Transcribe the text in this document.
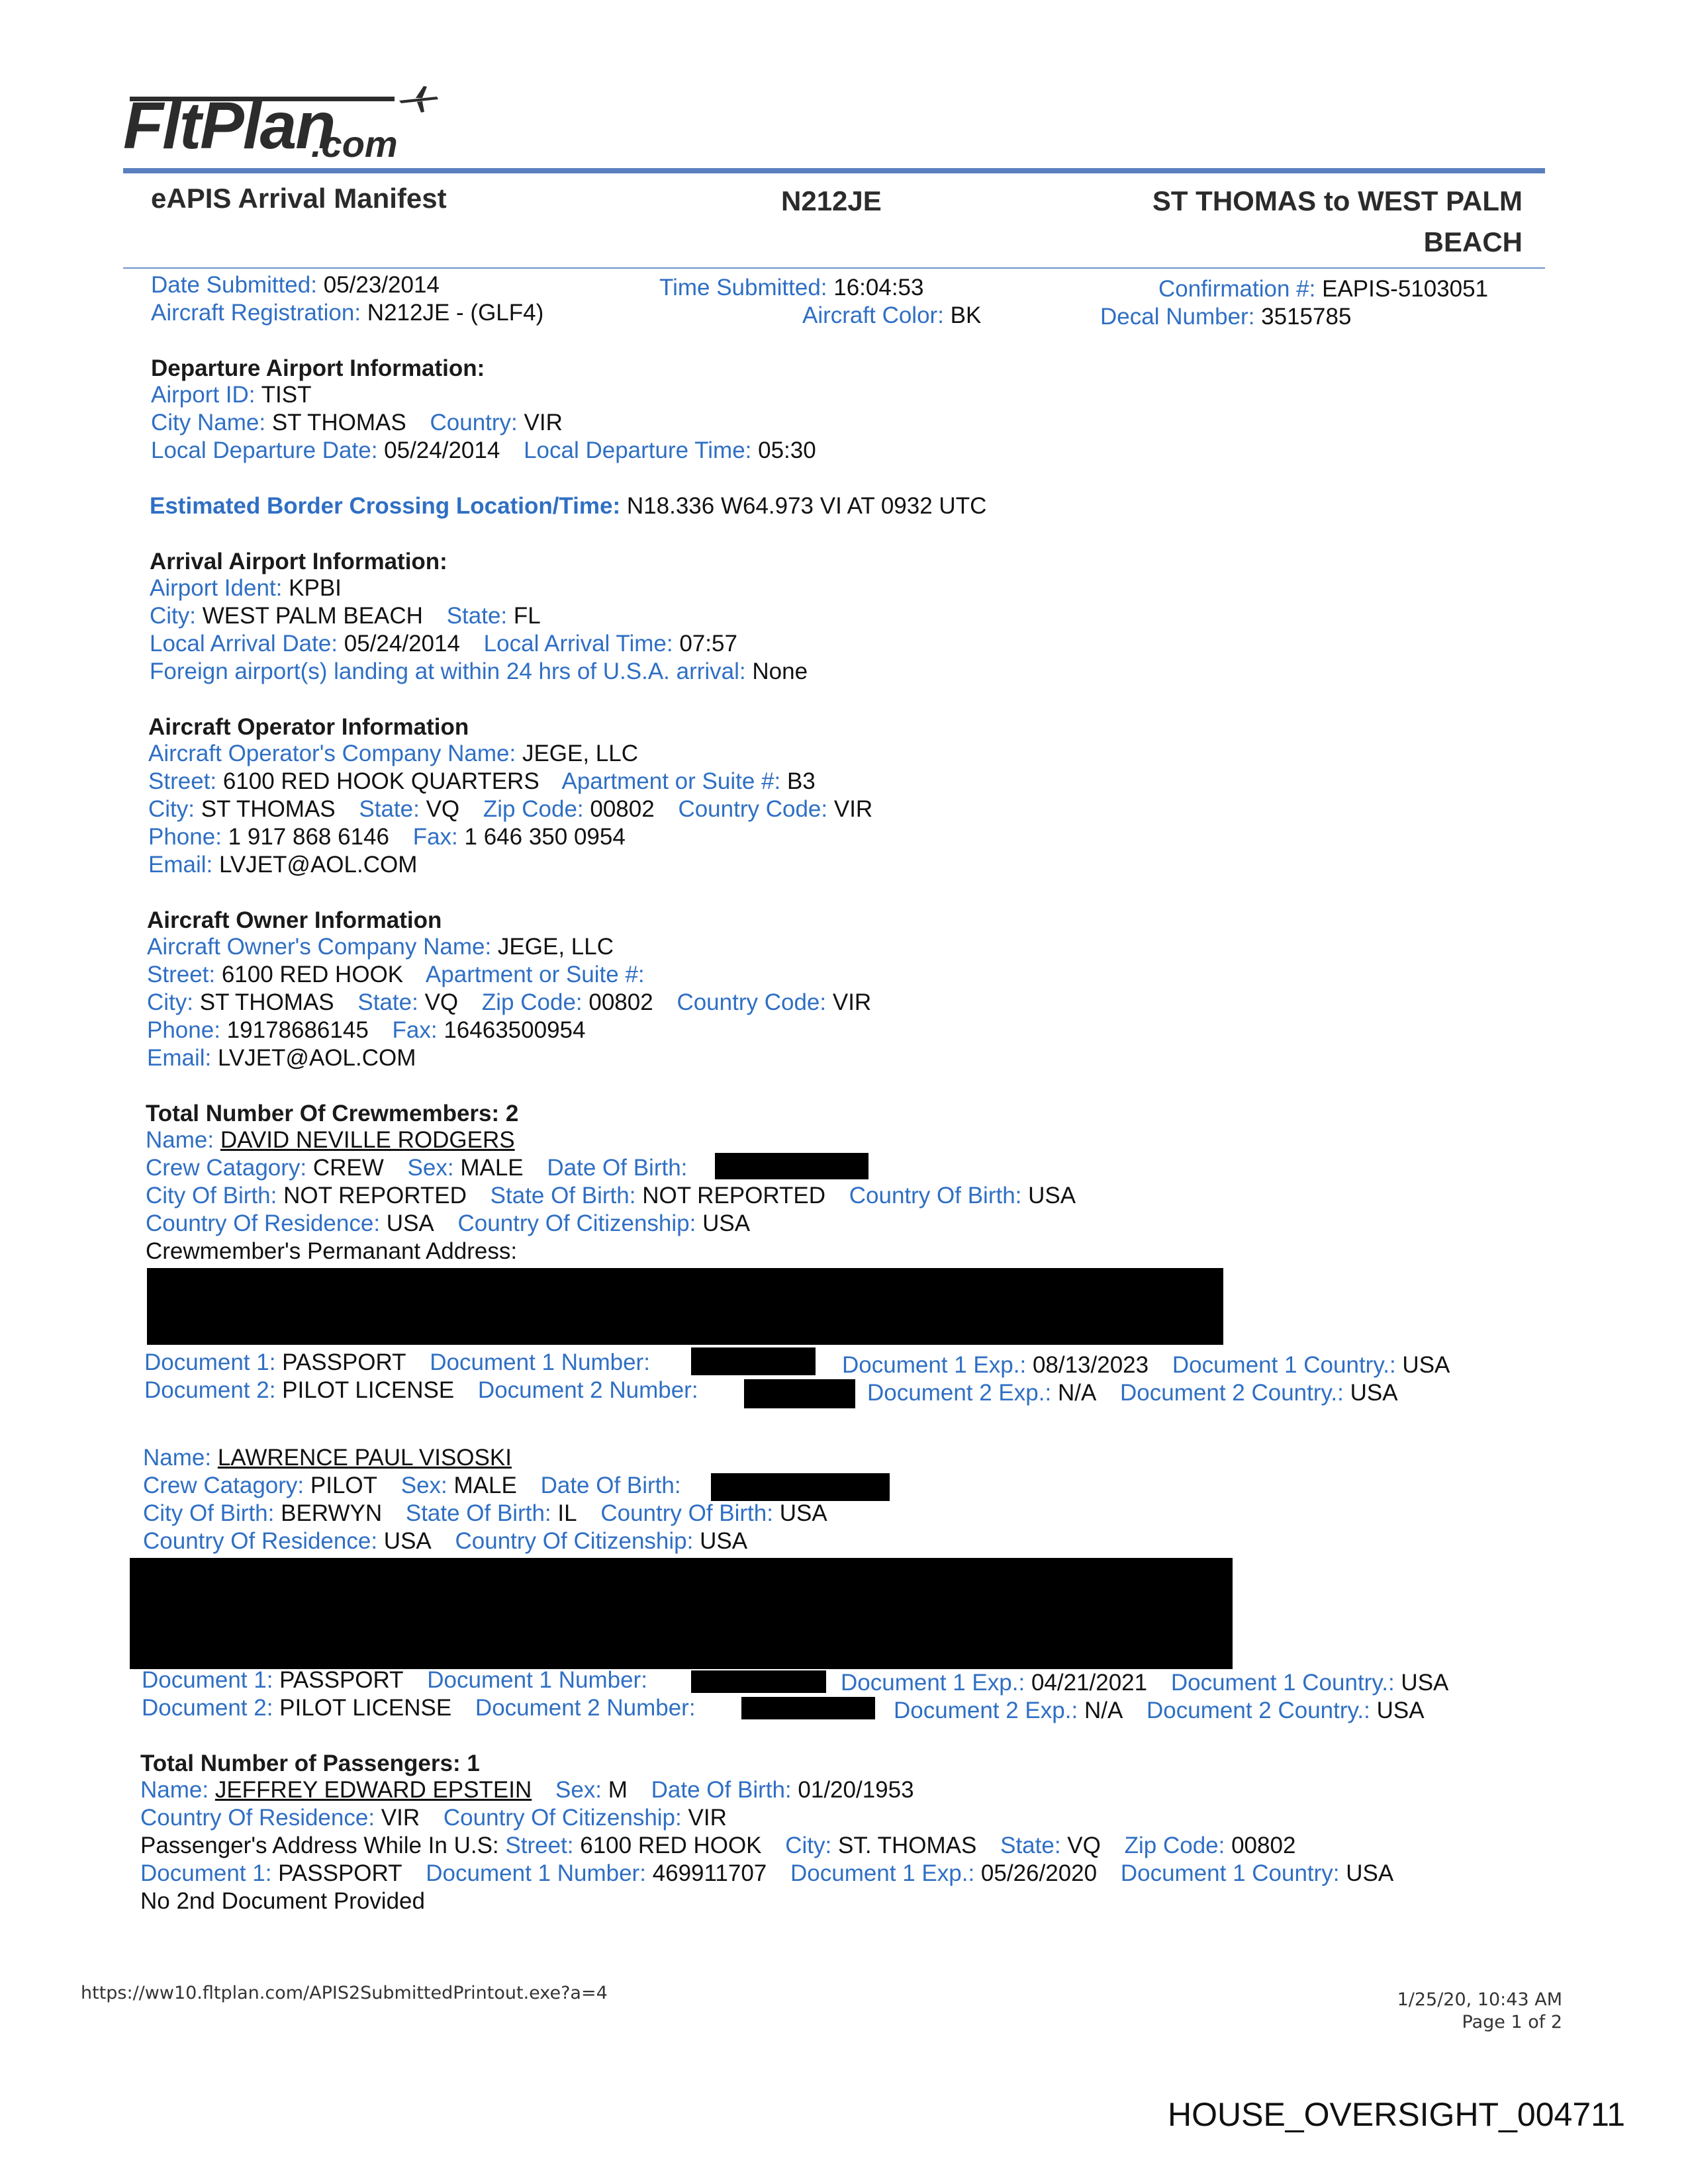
FltPlan
.com
eAPIS Arrival Manifest	N212JE	ST THOMAS to WEST PALM
BEACH
Date Submitted: 05/23/2014	Time Submitted: 16:04:53	Confirmation #: EAPIS-5103051
Aircraft Registration: N212JE - (GLF4)	Aircraft Color: BK	Decal Number: 3515785
Departure Airport Information:
Airport ID: TIST
City Name: ST THOMAS Country: VIR
Local Departure Date: 05/24/2014 Local Departure Time: 05:30
Estimated Border Crossing Location/Time: N18.336 W64.973 VI AT 0932 UTC
Arrival Airport Information:
Airport Ident: KPBI
City: WEST PALM BEACH State: FL
Local Arrival Date: 05/24/2014 Local Arrival Time: 07:57
Foreign airport(s) landing at within 24 hrs of U.S.A. arrival: None
Aircraft Operator Information
Aircraft Operator's Company Name: JEGE, LLC
Street: 6100 RED HOOK QUARTERS Apartment or Suite #: B3
City: ST THOMAS State: VQ Zip Code: 00802 Country Code: VIR
Phone: 1 917 868 6146 Fax: 1 646 350 0954
Email: LVJET@AOL.COM
Aircraft Owner Information
Aircraft Owner's Company Name: JEGE, LLC
Street: 6100 RED HOOK Apartment or Suite #:
City: ST THOMAS State: VQ Zip Code: 00802 Country Code: VIR
Phone: 19178686145 Fax: 16463500954
Email: LVJET@AOL.COM
Total Number Of Crewmembers: 2
Name: DAVID NEVILLE RODGERS
Crew Catagory: CREW Sex: MALE Date Of Birth:
City Of Birth: NOT REPORTED State Of Birth: NOT REPORTED Country Of Birth: USA
Country Of Residence: USA Country Of Citizenship: USA
Crewmember's Permanant Address:
Document 1: PASSPORT Document 1 Number:	Document 1 Exp.: 08/13/2023 Document 1 Country.: USA
Document 2: PILOT LICENSE Document 2 Number:	Document 2 Exp.: N/A Document 2 Country.: USA
Name: LAWRENCE PAUL VISOSKI
Crew Catagory: PILOT Sex: MALE Date Of Birth:
City Of Birth: BERWYN State Of Birth: IL Country Of Birth: USA
Country Of Residence: USA Country Of Citizenship: USA
Document 1: PASSPORT Document 1 Number:	Document 1 Exp.: 04/21/2021 Document 1 Country.: USA
Document 2: PILOT LICENSE Document 2 Number:	Document 2 Exp.: N/A Document 2 Country.: USA
Total Number of Passengers: 1
Name: JEFFREY EDWARD EPSTEIN Sex: M Date Of Birth: 01/20/1953
Country Of Residence: VIR Country Of Citizenship: VIR
Passenger's Address While In U.S: Street: 6100 RED HOOK City: ST. THOMAS State: VQ Zip Code: 00802
Document 1: PASSPORT Document 1 Number: 469911707 Document 1 Exp.: 05/26/2020 Document 1 Country: USA
No 2nd Document Provided
https://ww10.fltplan.com/APIS2SubmittedPrintout.exe?a=4	1/25/20, 10:43 AM
Page 1 of 2
HOUSE_OVERSIGHT_004711
